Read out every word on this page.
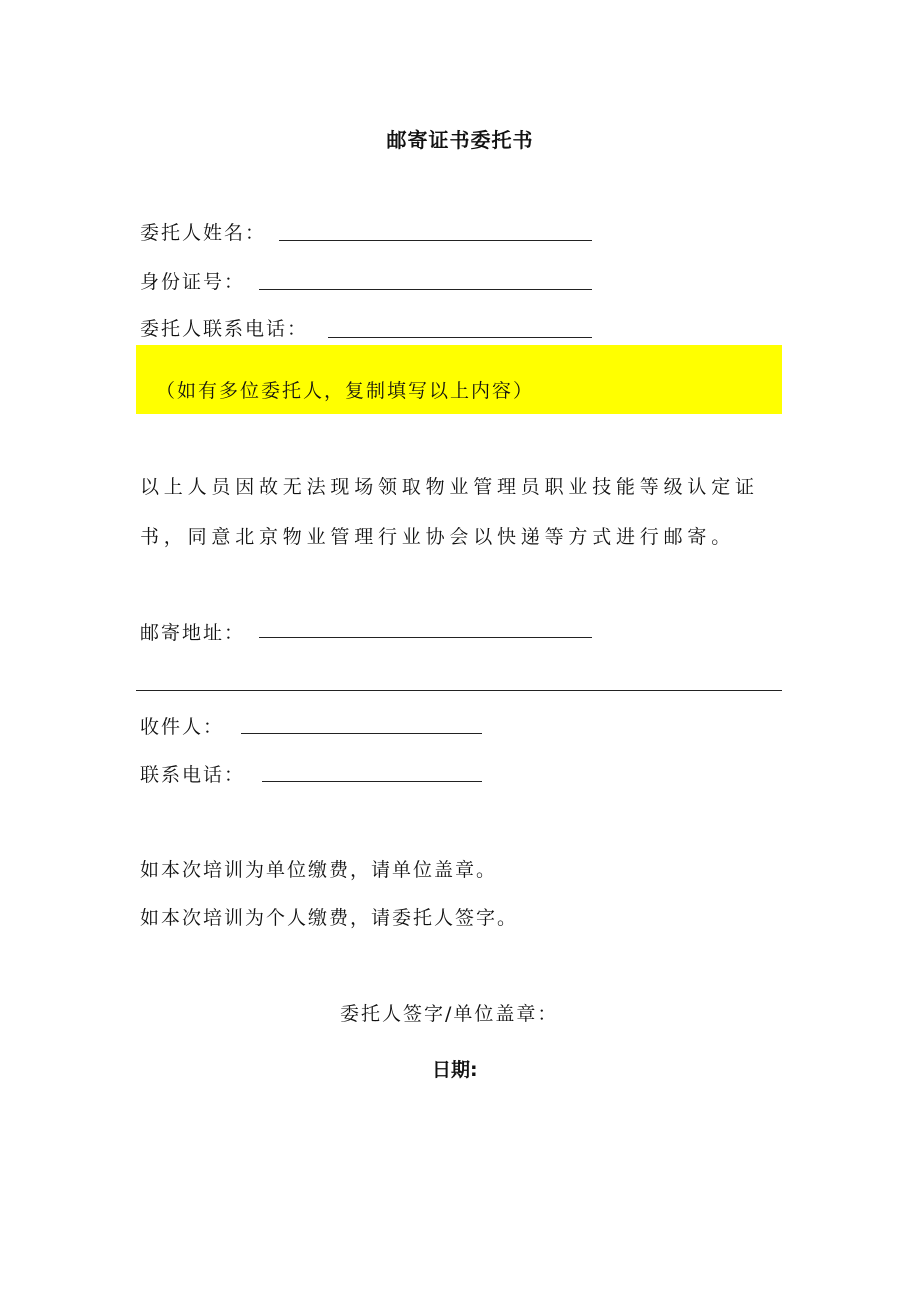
邮寄证书委托书
委托人姓名：
身份证号：
委托人联系电话：
（如有多位委托人，复制填写以上内容）
以上人员因故无法现场领取物业管理员职业技能等级认定证
书，同意北京物业管理行业协会以快递等方式进行邮寄。
邮寄地址：
收件人：
联系电话：
如本次培训为单位缴费，请单位盖章。
如本次培训为个人缴费，请委托人签字。
委托人签字/单位盖章：
日期:
